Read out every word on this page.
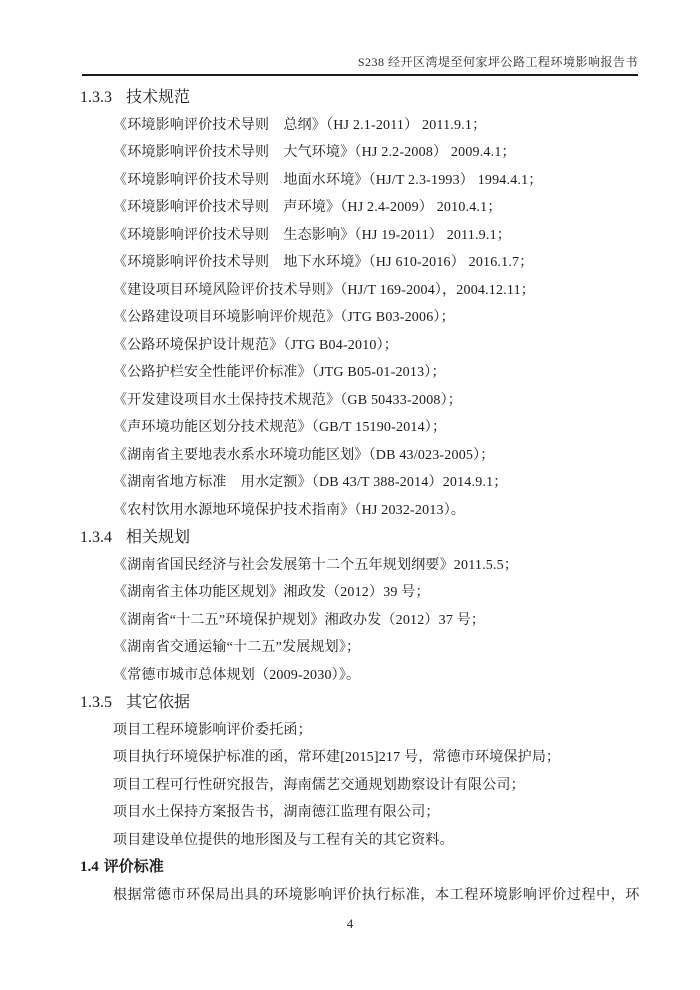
S238 经开区湾堤至何家坪公路工程环境影响报告书
1.3.3 技术规范

《环境影响评价技术导则　总纲》（HJ 2.1-2011） 2011.9.1；

《环境影响评价技术导则　大气环境》（HJ 2.2-2008） 2009.4.1；

《环境影响评价技术导则　地面水环境》（HJ/T 2.3-1993） 1994.4.1；

《环境影响评价技术导则　声环境》（HJ 2.4-2009） 2010.4.1；

《环境影响评价技术导则　生态影响》（HJ 19-2011） 2011.9.1；

《环境影响评价技术导则　地下水环境》（HJ 610-2016） 2016.1.7；

《建设项目环境风险评价技术导则》（HJ/T 169-2004），2004.12.11；

《公路建设项目环境影响评价规范》（JTG B03-2006）；

《公路环境保护设计规范》（JTG B04-2010）；

《公路护栏安全性能评价标准》（JTG B05-01-2013）；

《开发建设项目水土保持技术规范》（GB 50433-2008）；

《声环境功能区划分技术规范》（GB/T 15190-2014）；

《湖南省主要地表水系水环境功能区划》（DB 43/023-2005）；

《湖南省地方标准　用水定额》（DB 43/T 388-2014）2014.9.1；

《农村饮用水源地环境保护技术指南》（HJ 2032-2013）。

1.3.4 相关规划

《湖南省国民经济与社会发展第十二个五年规划纲要》2011.5.5；

《湖南省主体功能区规划》湘政发（2012）39 号；

《湖南省“十二五”环境保护规划》湘政办发（2012）37 号；

《湖南省交通运输“十二五”发展规划》；

《常德市城市总体规划（2009-2030）》。

1.3.5 其它依据

项目工程环境影响评价委托函；

项目执行环境保护标准的函，常环建[2015]217 号，常德市环境保护局；

项目工程可行性研究报告，海南儒艺交通规划勘察设计有限公司；

项目水土保持方案报告书，湖南德江监理有限公司；

项目建设单位提供的地形图及与工程有关的其它资料。

1.4 评价标准

根据常德市环保局出具的环境影响评价执行标准，本工程环境影响评价过程中，环

4
